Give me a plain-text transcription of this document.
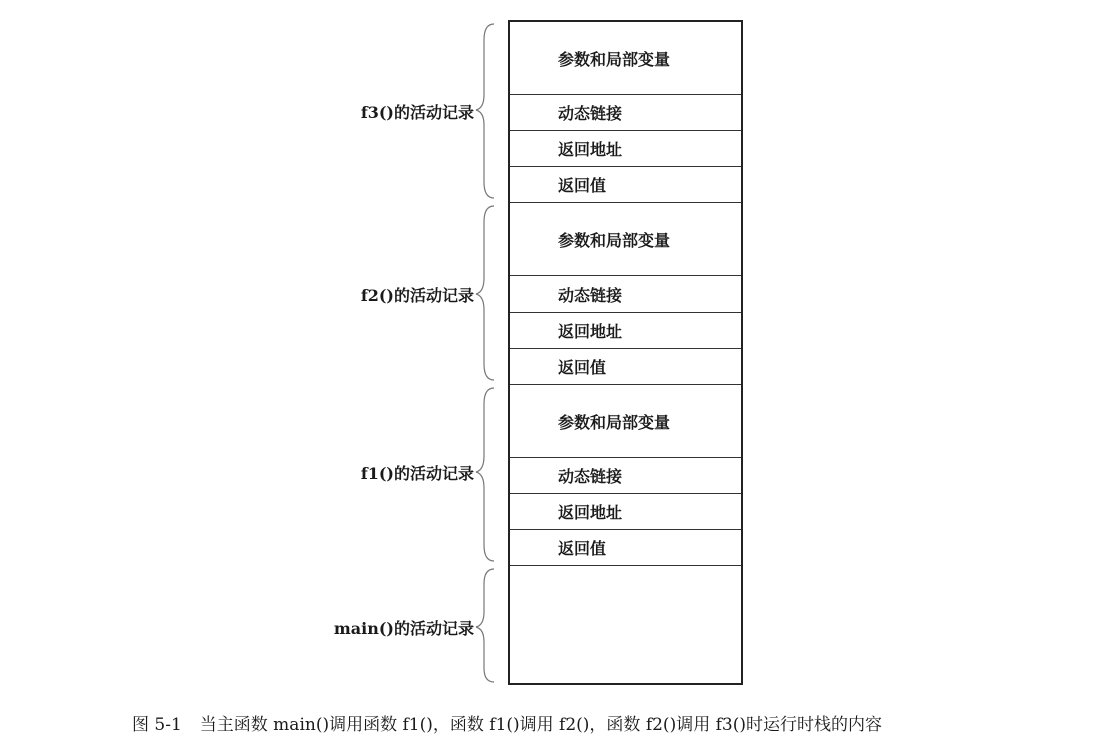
f3()的活动记录
f2()的活动记录
f1()的活动记录
main()的活动记录
参数和局部变量
动态链接
返回地址
返回值
参数和局部变量
动态链接
返回地址
返回值
参数和局部变量
动态链接
返回地址
返回值
图 5-1 当主函数 main()调用函数 f1()，函数 f1()调用 f2()，函数 f2()调用 f3()时运行时栈的内容
